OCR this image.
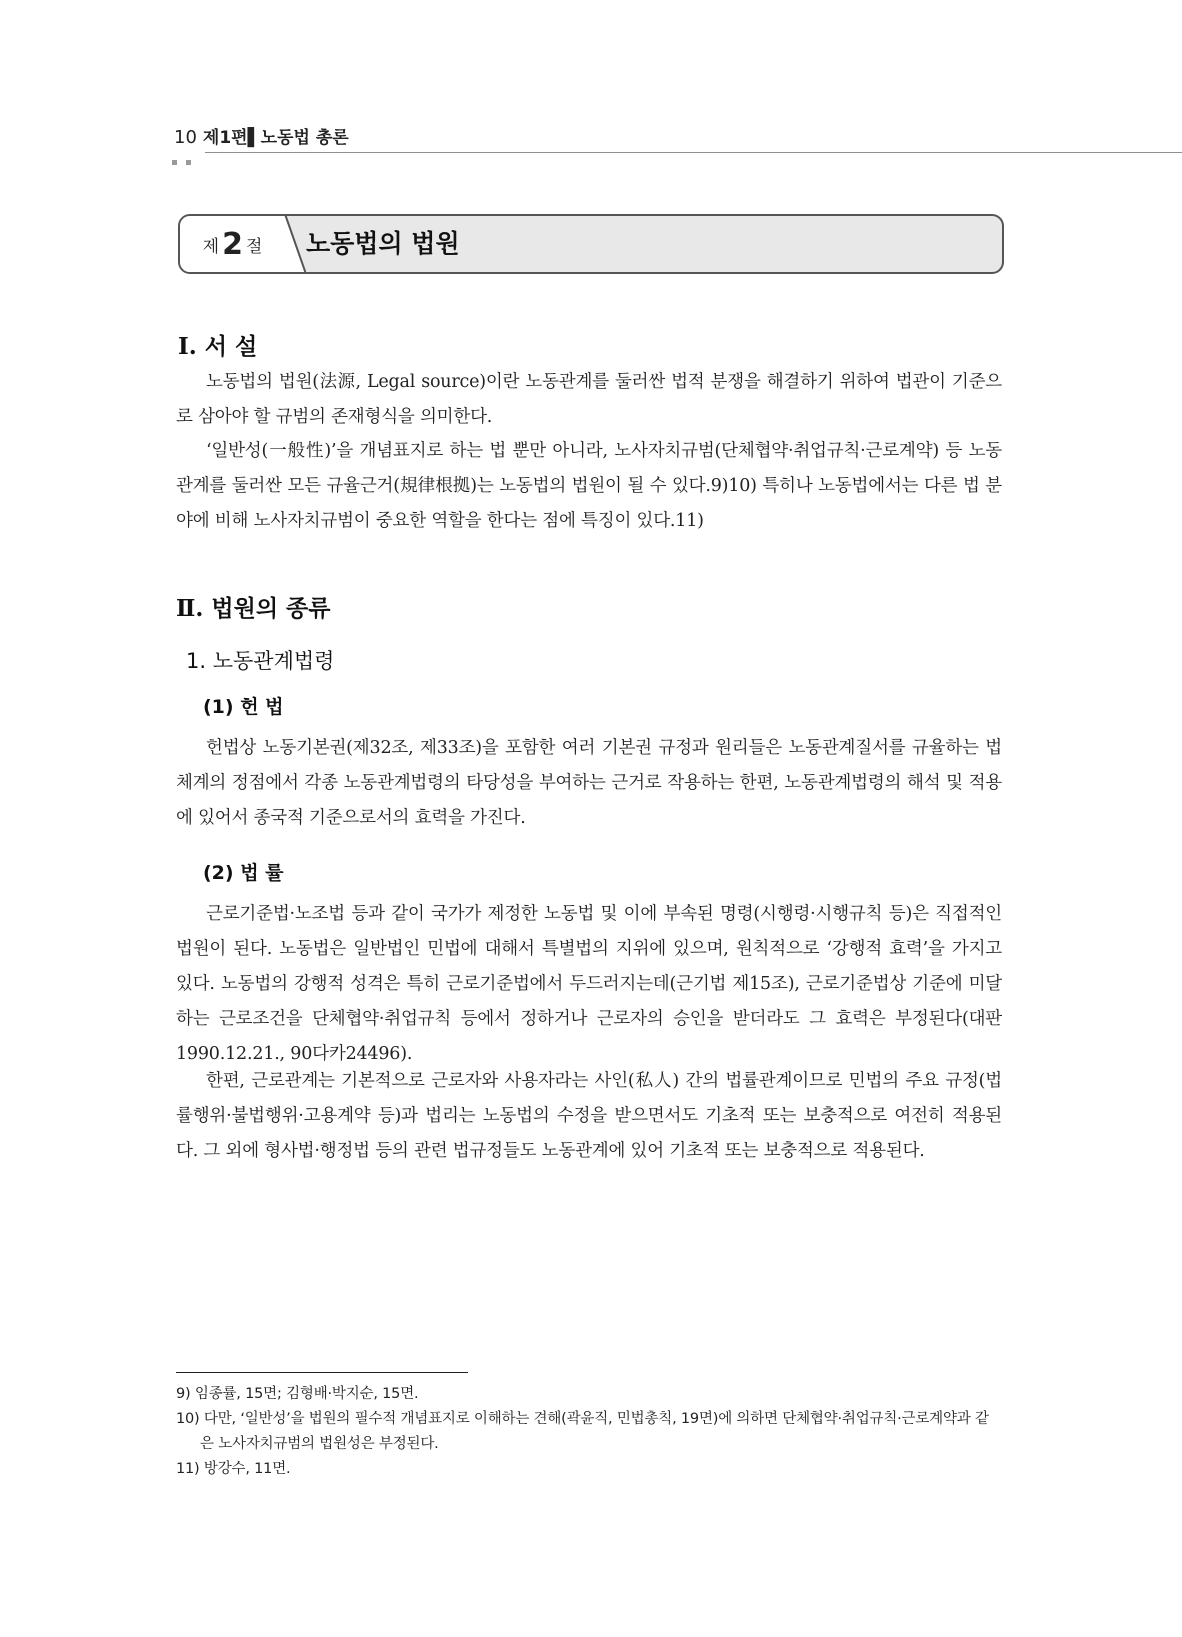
10 제1편▌노동법 총론
제 2 절 노동법의 법원
Ⅰ. 서 설

노동법의 법원(法源, Legal source)이란 노동관계를 둘러싼 법적 분쟁을 해결하기 위하여 법관이 기준으로 삼아야 할 규범의 존재형식을 의미한다.

‘일반성(一般性)’을 개념표지로 하는 법 뿐만 아니라, 노사자치규범(단체협약·취업규칙·근로계약) 등 노동관계를 둘러싼 모든 규율근거(規律根拠)는 노동법의 법원이 될 수 있다.9)10) 특히나 노동법에서는 다른 법 분야에 비해 노사자치규범이 중요한 역할을 한다는 점에 특징이 있다.11)

Ⅱ. 법원의 종류
1. 노동관계법령
(1) 헌 법

헌법상 노동기본권(제32조, 제33조)을 포함한 여러 기본권 규정과 원리들은 노동관계질서를 규율하는 법체계의 정점에서 각종 노동관계법령의 타당성을 부여하는 근거로 작용하는 한편, 노동관계법령의 해석 및 적용에 있어서 종국적 기준으로서의 효력을 가진다.

(2) 법 률

근로기준법·노조법 등과 같이 국가가 제정한 노동법 및 이에 부속된 명령(시행령·시행규칙 등)은 직접적인 법원이 된다. 노동법은 일반법인 민법에 대해서 특별법의 지위에 있으며, 원칙적으로 ‘강행적 효력’을 가지고 있다. 노동법의 강행적 성격은 특히 근로기준법에서 두드러지는데(근기법 제15조), 근로기준법상 기준에 미달하는 근로조건을 단체협약·취업규칙 등에서 정하거나 근로자의 승인을 받더라도 그 효력은 부정된다(대판 1990.12.21., 90다카24496).

한편, 근로관계는 기본적으로 근로자와 사용자라는 사인(私人) 간의 법률관계이므로 민법의 주요 규정(법률행위·불법행위·고용계약 등)과 법리는 노동법의 수정을 받으면서도 기초적 또는 보충적으로 여전히 적용된다. 그 외에 형사법·행정법 등의 관련 법규정들도 노동관계에 있어 기초적 또는 보충적으로 적용된다.

9) 임종률, 15면; 김형배·박지순, 15면.
10) 다만, ‘일반성’을 법원의 필수적 개념표지로 이해하는 견해(곽윤직, 민법총칙, 19면)에 의하면 단체협약·취업규칙·근로계약과 같은 노사자치규범의 법원성은 부정된다.
11) 방강수, 11면.
